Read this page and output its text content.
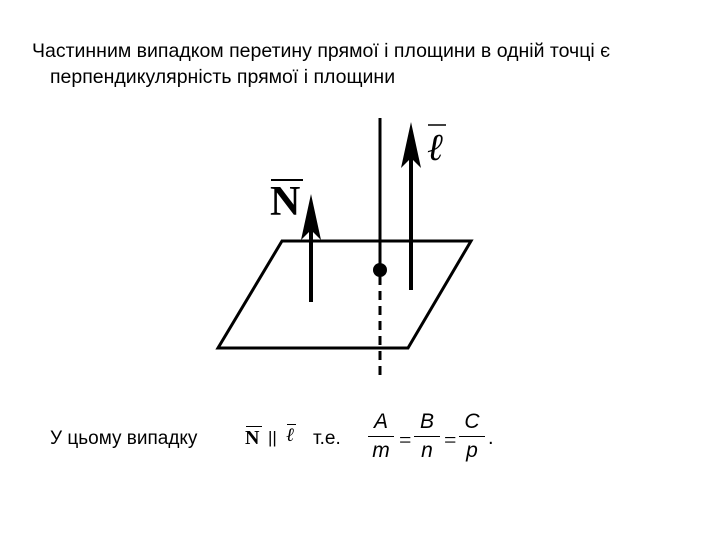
Частинним випадком перетину прямої і площини в одній точці є перпендикулярність прямої і площини

N
ℓ
У цьому випадку N || ℓ т.е.
A
m =
B
n =
C
p
.
